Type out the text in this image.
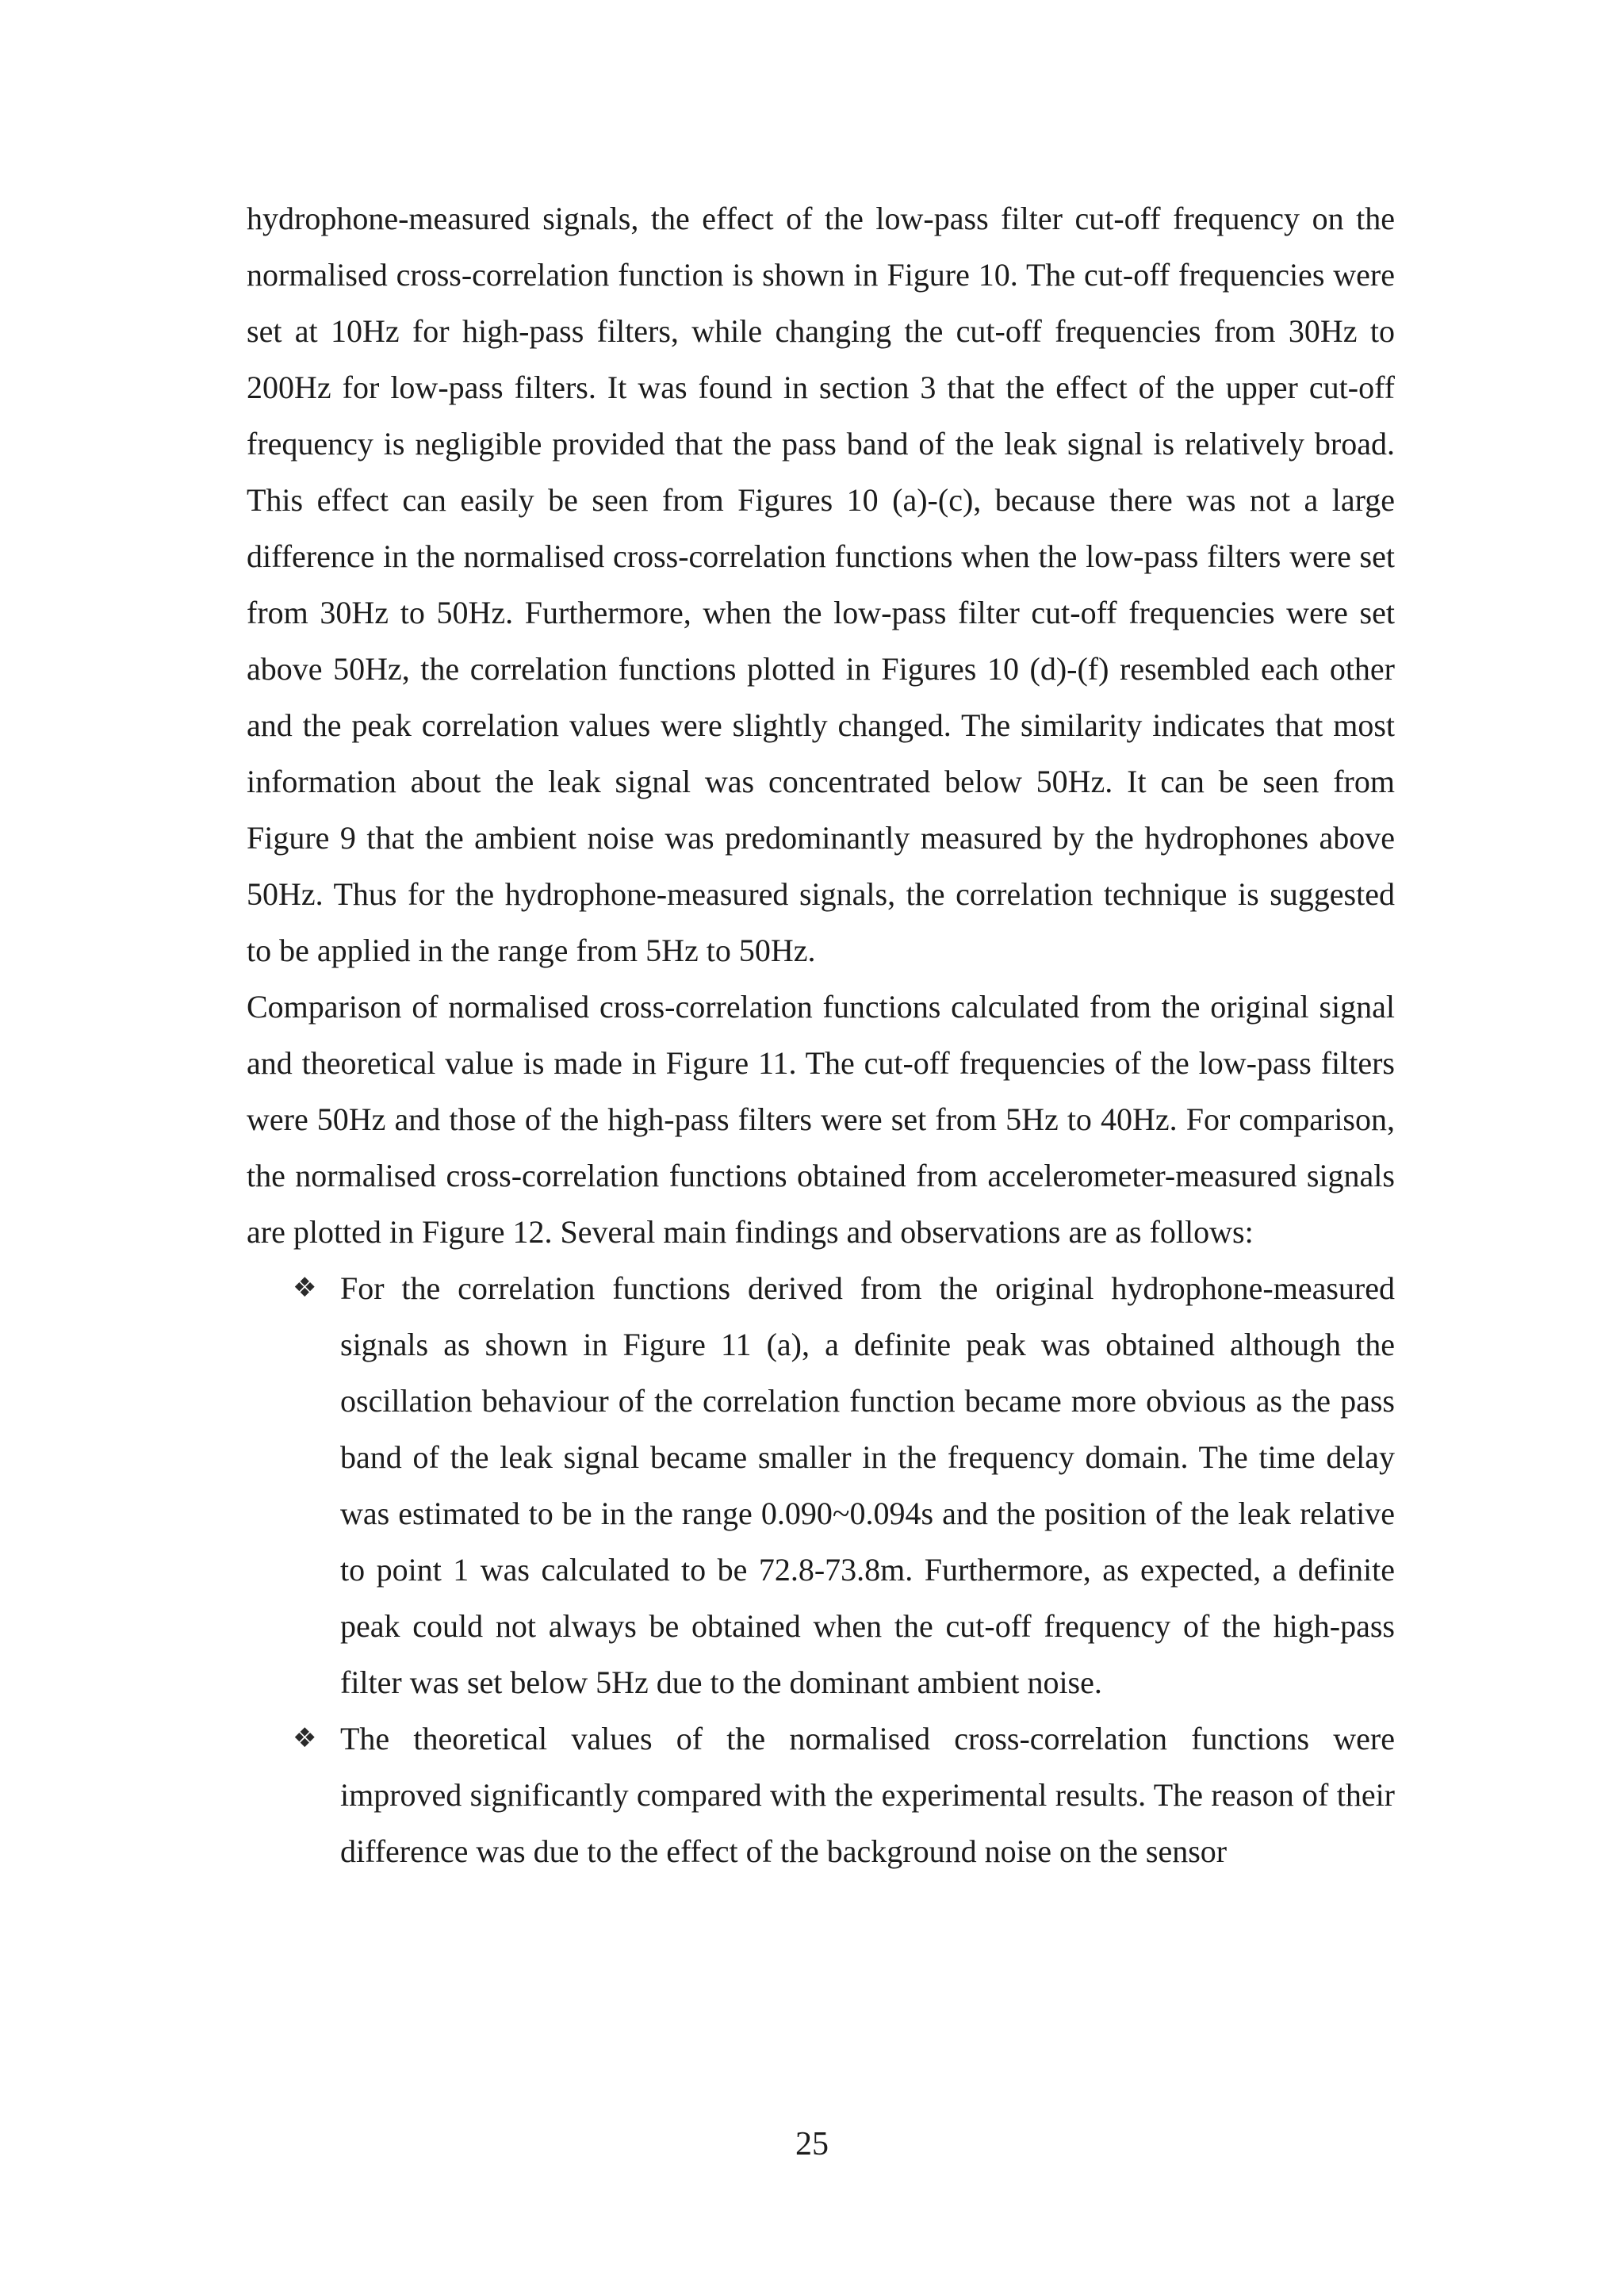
hydrophone-measured signals, the effect of the low-pass filter cut-off frequency on the normalised cross-correlation function is shown in Figure 10. The cut-off frequencies were set at 10Hz for high-pass filters, while changing the cut-off frequencies from 30Hz to 200Hz for low-pass filters. It was found in section 3 that the effect of the upper cut-off frequency is negligible provided that the pass band of the leak signal is relatively broad. This effect can easily be seen from Figures 10 (a)-(c), because there was not a large difference in the normalised cross-correlation functions when the low-pass filters were set from 30Hz to 50Hz. Furthermore, when the low-pass filter cut-off frequencies were set above 50Hz, the correlation functions plotted in Figures 10 (d)-(f) resembled each other and the peak correlation values were slightly changed. The similarity indicates that most information about the leak signal was concentrated below 50Hz. It can be seen from Figure 9 that the ambient noise was predominantly measured by the hydrophones above 50Hz. Thus for the hydrophone-measured signals, the correlation technique is suggested to be applied in the range from 5Hz to 50Hz.

Comparison of normalised cross-correlation functions calculated from the original signal and theoretical value is made in Figure 11. The cut-off frequencies of the low-pass filters were 50Hz and those of the high-pass filters were set from 5Hz to 40Hz. For comparison, the normalised cross-correlation functions obtained from accelerometer-measured signals are plotted in Figure 12. Several main findings and observations are as follows:

❖ For the correlation functions derived from the original hydrophone-measured signals as shown in Figure 11 (a), a definite peak was obtained although the oscillation behaviour of the correlation function became more obvious as the pass band of the leak signal became smaller in the frequency domain. The time delay was estimated to be in the range 0.090~0.094s and the position of the leak relative to point 1 was calculated to be 72.8-73.8m. Furthermore, as expected, a definite peak could not always be obtained when the cut-off frequency of the high-pass filter was set below 5Hz due to the dominant ambient noise.
❖ The theoretical values of the normalised cross-correlation functions were improved significantly compared with the experimental results. The reason of their difference was due to the effect of the background noise on the sensor
25
